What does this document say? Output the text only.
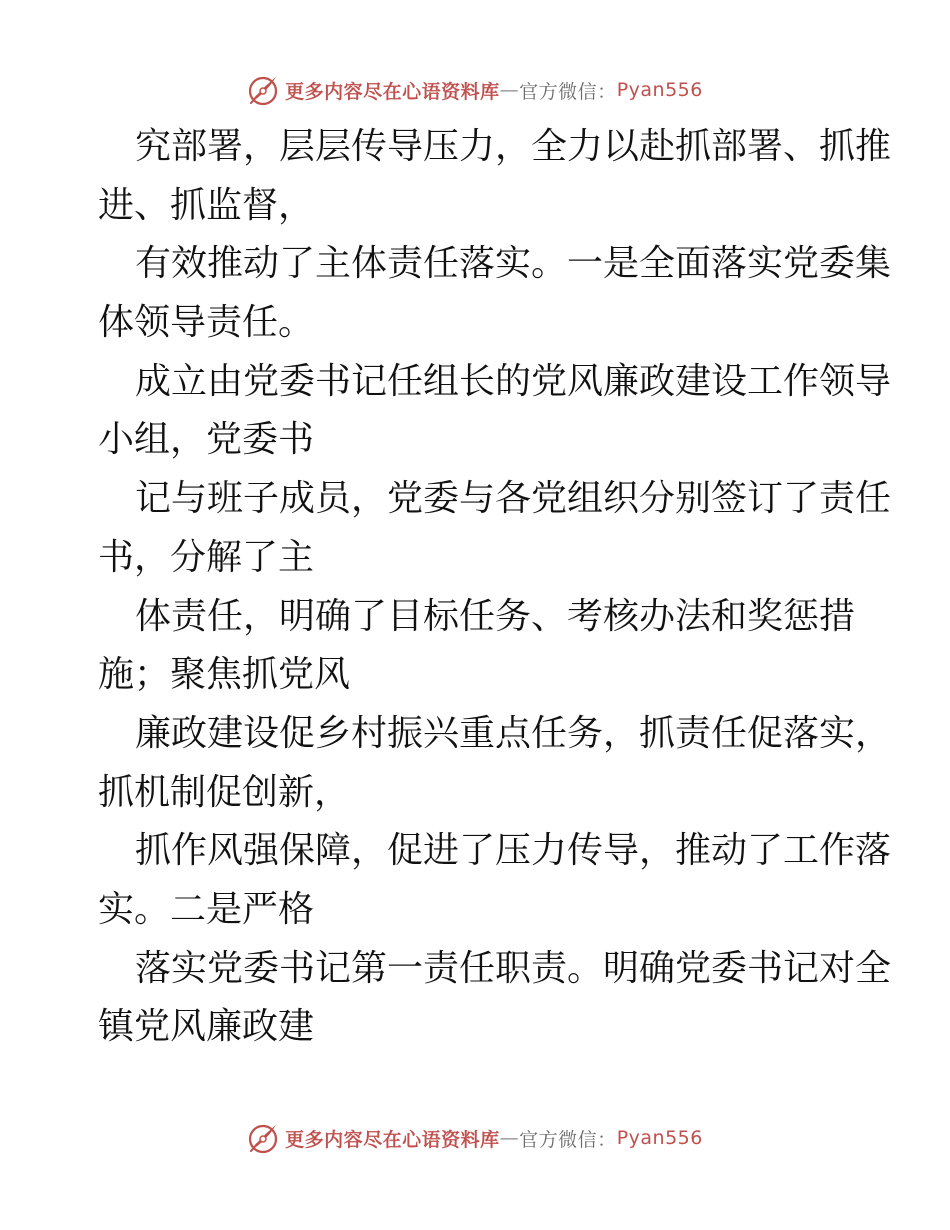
更多内容尽在心语资料库 — 官方微信： Pyan556
究部署，层层传导压力，全力以赴抓部署、抓推
进、抓监督，
有效推动了主体责任落实。一是全面落实党委集
体领导责任。
成立由党委书记任组长的党风廉政建设工作领导
小组，党委书
记与班子成员，党委与各党组织分别签订了责任
书，分解了主
体责任，明确了目标任务、考核办法和奖惩措
施；聚焦抓党风
廉政建设促乡村振兴重点任务，抓责任促落实，
抓机制促创新，
抓作风强保障，促进了压力传导，推动了工作落
实。二是严格
落实党委书记第一责任职责。明确党委书记对全
镇党风廉政建
更多内容尽在心语资料库 — 官方微信： Pyan556
